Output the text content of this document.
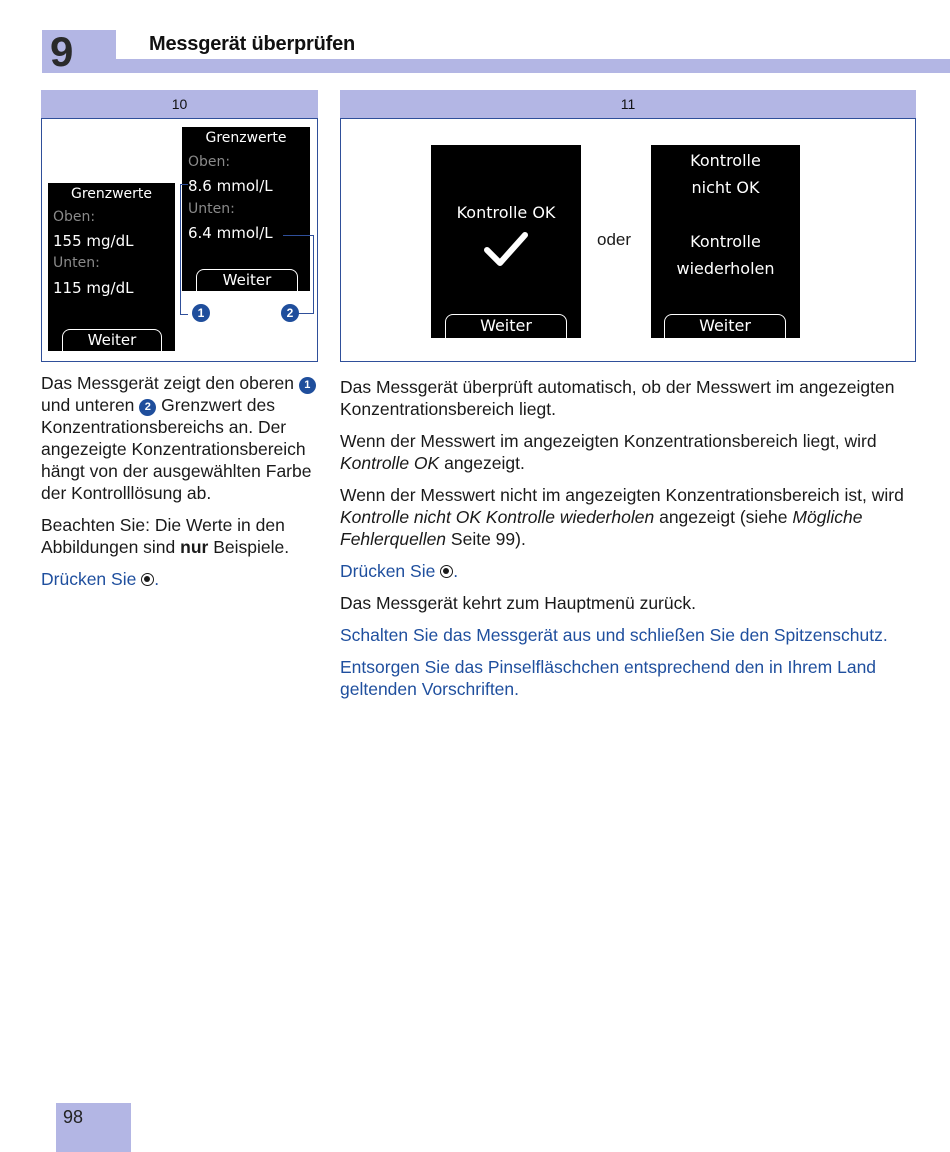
9	Messgerät überprüfen
10
Grenzwerte
Oben:
155 mg/dL
Unten:
115 mg/dL
Weiter
Grenzwerte
Oben:
8.6 mmol/L
Unten:
6.4 mmol/L
Weiter
1	2
11
Kontrolle OK
Weiter
oder
Kontrolle
nicht OK
Kontrolle
wiederholen
Weiter

Das Messgerät zeigt den oberen 1 und unteren 2 Grenzwert des Konzentrationsbereichs an. Der angezeigte Konzentrationsbereich hängt von der ausgewählten Farbe der Kontrolllösung ab.

Beachten Sie: Die Werte in den Abbildungen sind nur Beispiele.

Drücken Sie .

Das Messgerät überprüft automatisch, ob der Messwert im angezeigten Konzentrationsbereich liegt.

Wenn der Messwert im angezeigten Konzentrationsbereich liegt, wird Kontrolle OK angezeigt.

Wenn der Messwert nicht im angezeigten Konzentrationsbereich ist, wird Kontrolle nicht OK Kontrolle wiederholen angezeigt (siehe Mögliche Fehlerquellen Seite 99).

Drücken Sie .

Das Messgerät kehrt zum Hauptmenü zurück.

Schalten Sie das Messgerät aus und schließen Sie den Spitzenschutz.

Entsorgen Sie das Pinselfläschchen entsprechend den in Ihrem Land geltenden Vorschriften.

98
